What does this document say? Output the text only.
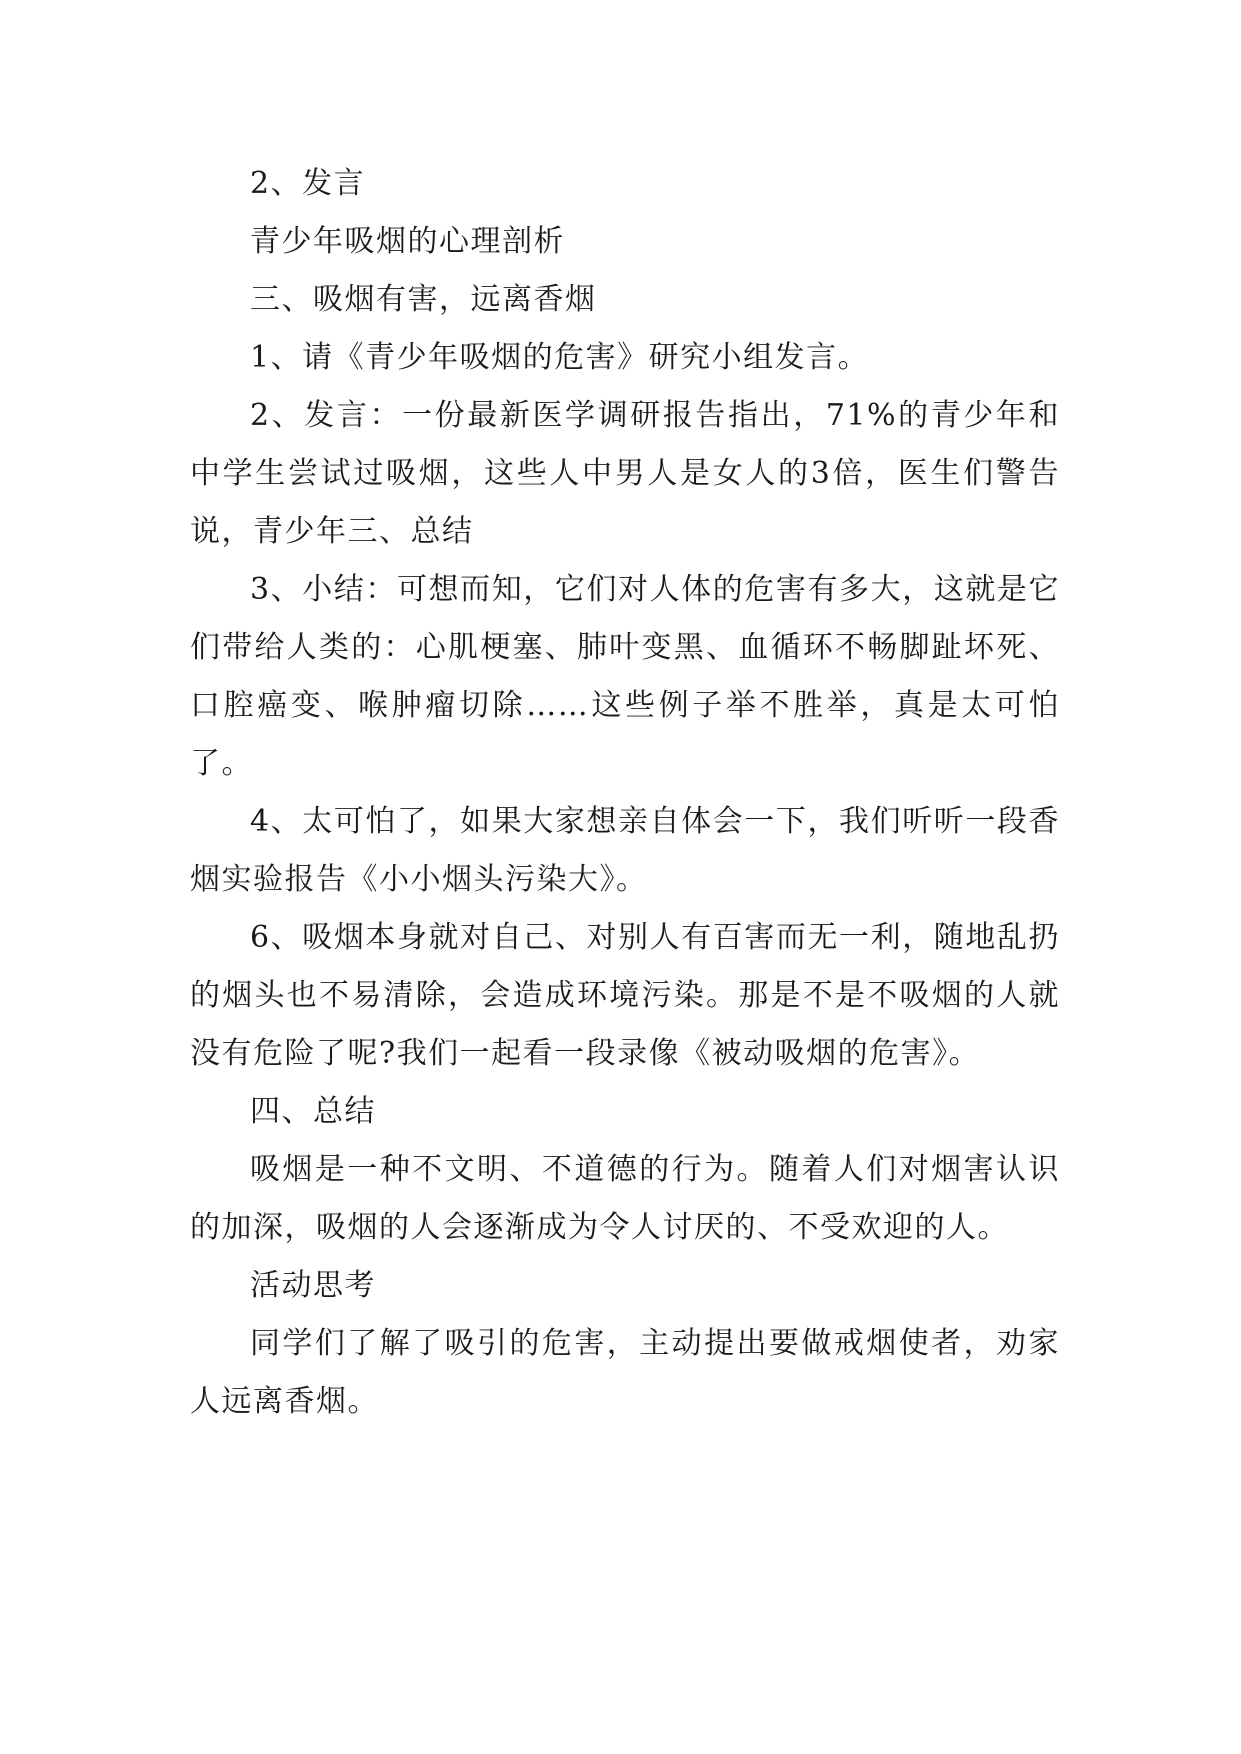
2、发言

青少年吸烟的心理剖析

三、吸烟有害，远离香烟

1、请《青少年吸烟的危害》研究小组发言。

2、发言：一份最新医学调研报告指出，71%的青少年和中学生尝试过吸烟，这些人中男人是女人的3倍，医生们警告说，青少年三、总结

3、小结：可想而知，它们对人体的危害有多大，这就是它们带给人类的：心肌梗塞、肺叶变黑、血循环不畅脚趾坏死、口腔癌变、喉肿瘤切除……这些例子举不胜举，真是太可怕了。

4、太可怕了，如果大家想亲自体会一下，我们听听一段香烟实验报告《小小烟头污染大》。

6、吸烟本身就对自己、对别人有百害而无一利，随地乱扔的烟头也不易清除，会造成环境污染。那是不是不吸烟的人就没有危险了呢?我们一起看一段录像《被动吸烟的危害》。

四、总结

吸烟是一种不文明、不道德的行为。随着人们对烟害认识的加深，吸烟的人会逐渐成为令人讨厌的、不受欢迎的人。

活动思考

同学们了解了吸引的危害，主动提出要做戒烟使者，劝家人远离香烟。
